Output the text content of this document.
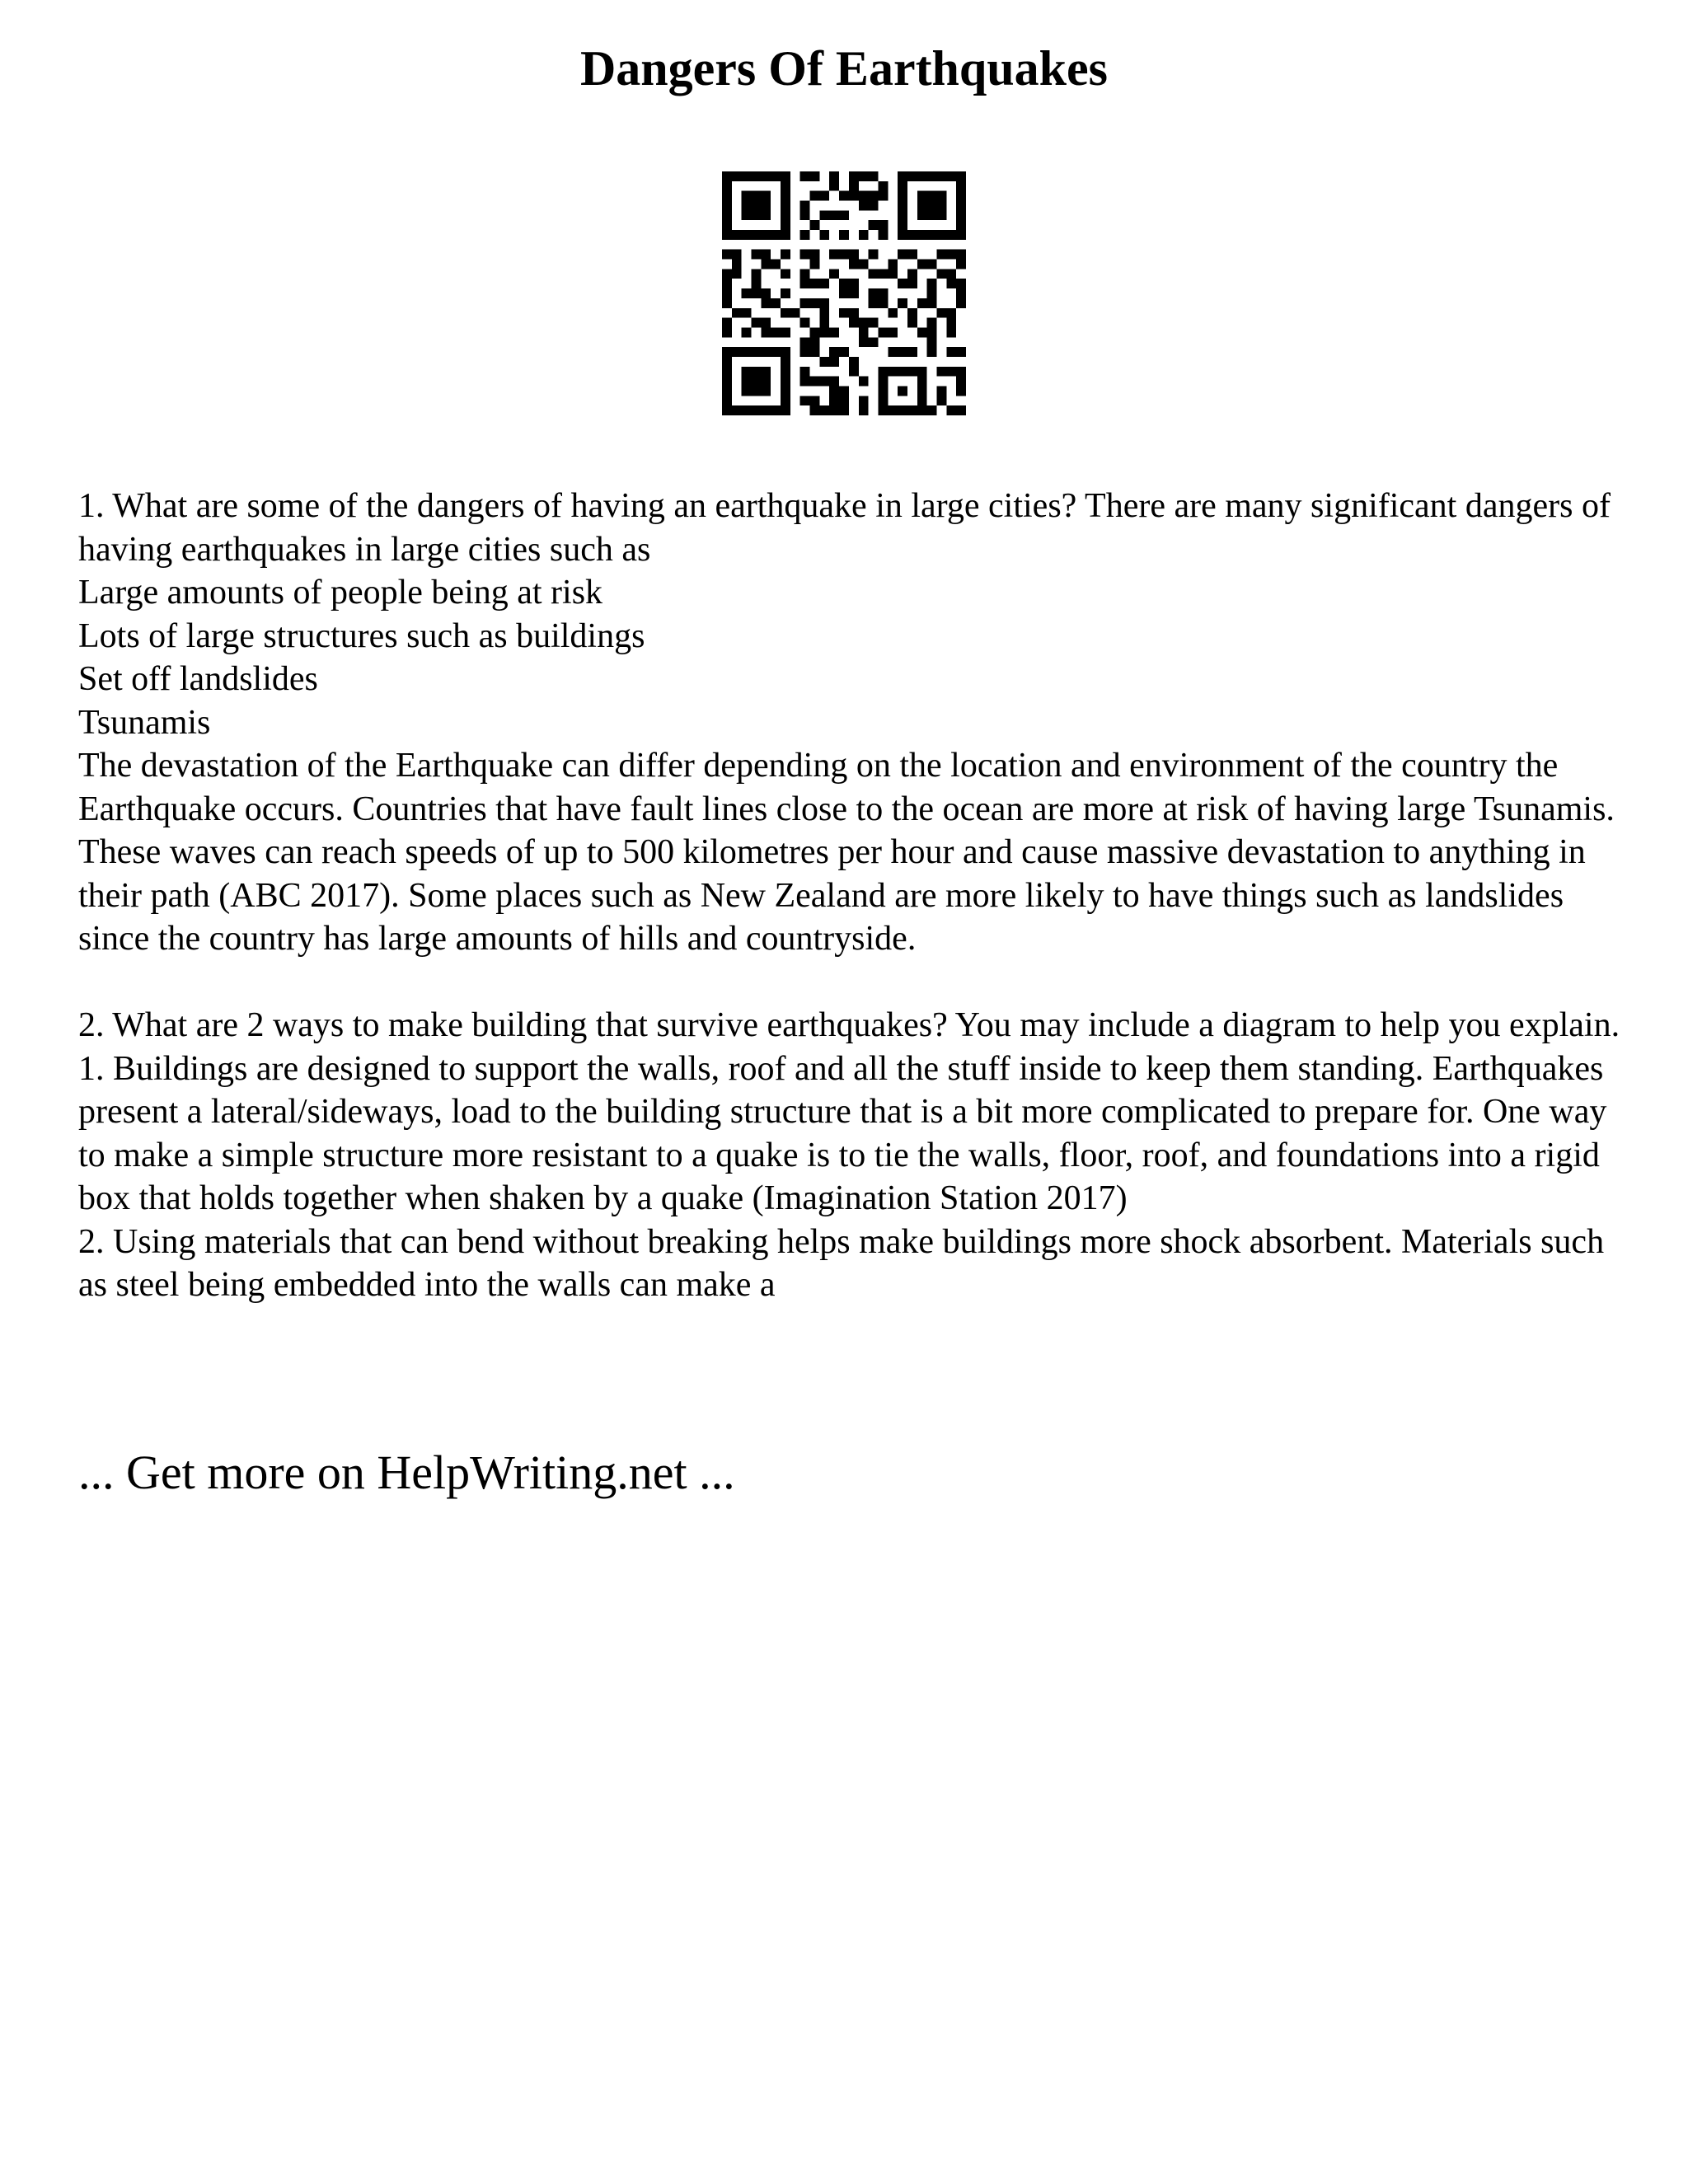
Dangers Of Earthquakes

1. What are some of the dangers of having an earthquake in large cities? There are many significant dangers of having earthquakes in large cities such as

Large amounts of people being at risk

Lots of large structures such as buildings

Set off landslides

Tsunamis

The devastation of the Earthquake can differ depending on the location and environment of the country the Earthquake occurs. Countries that have fault lines close to the ocean are more at risk of having large Tsunamis. These waves can reach speeds of up to 500 kilometres per hour and cause massive devastation to anything in their path (ABC 2017). Some places such as New Zealand are more likely to have things such as landslides since the country has large amounts of hills and countryside.

2. What are 2 ways to make building that survive earthquakes? You may include a diagram to help you explain. 1. Buildings are designed to support the walls, roof and all the stuff inside to keep them standing. Earthquakes present a lateral/sideways, load to the building structure that is a bit more complicated to prepare for. One way to make a simple structure more resistant to a quake is to tie the walls, floor, roof, and foundations into a rigid box that holds together when shaken by a quake (Imagination Station 2017)

2. Using materials that can bend without breaking helps make buildings more shock absorbent. Materials such as steel being embedded into the walls can make a

... Get more on HelpWriting.net ...
